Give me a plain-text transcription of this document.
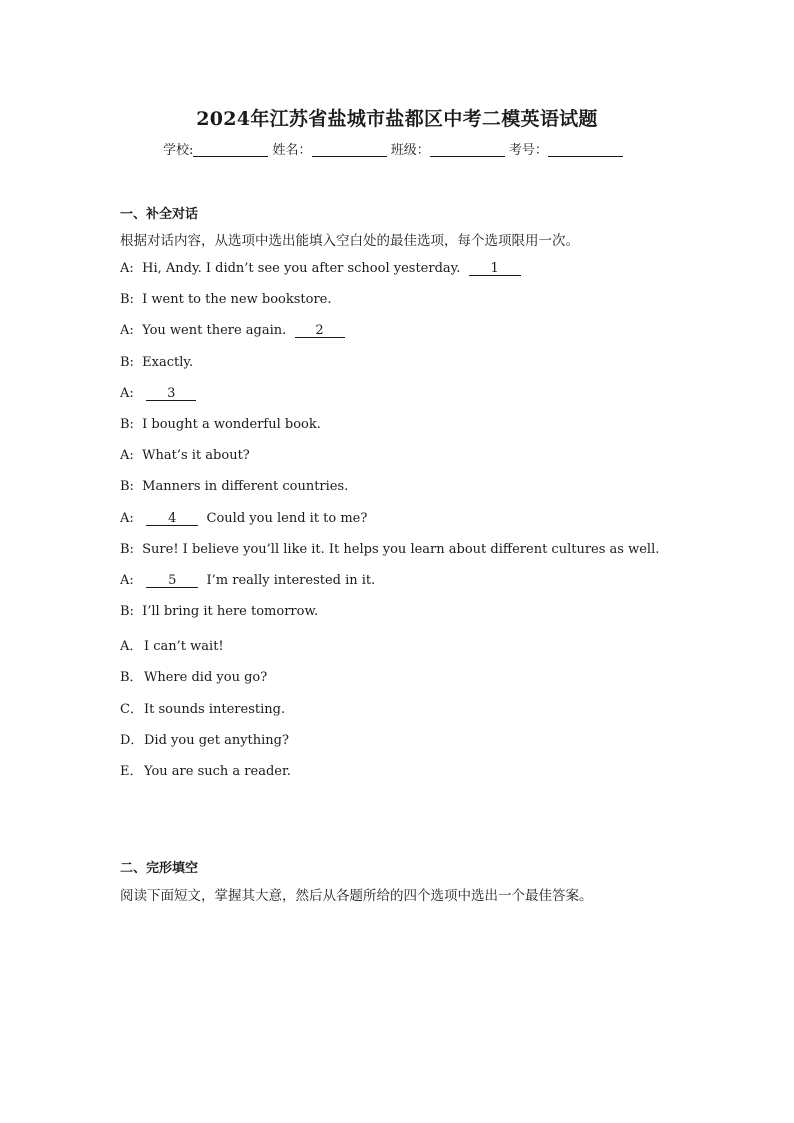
2024年江苏省盐城市盐都区中考二模英语试题
学校:	姓名：	班级：	考号：
一、补全对话
根据对话内容，从选项中选出能填入空白处的最佳选项，每个选项限用一次。
A: Hi, Andy. I didn’t see you after school yesterday. 1
B: I went to the new bookstore.
A: You went there again. 2
B: Exactly.
A:	3
B: I bought a wonderful book.
A: What’s it about?
B: Manners in different countries.
A:	4  Could you lend it to me?
B: Sure! I believe you’ll like it. It helps you learn about different cultures as well.
A:	5  I’m really interested in it.
B: I’ll bring it here tomorrow.
A． I can’t wait!
B．Where did you go?
C．It sounds interesting.
D．Did you get anything?
E． You are such a reader.
二、完形填空
阅读下面短文，掌握其大意，然后从各题所给的四个选项中选出一个最佳答案。
